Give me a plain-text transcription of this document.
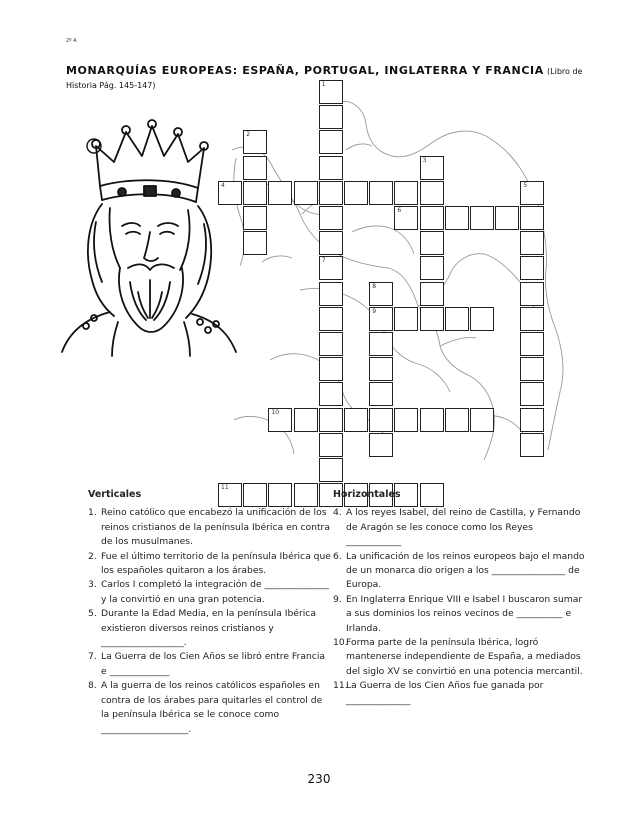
2º A
MONARQUÍAS EUROPEAS: ESPAÑA, PORTUGAL, INGLATERRA Y FRANCIA (Libro de
Historia Pág. 145-147)	1
7
2
3
4	5
6
8
9
10
11
Verticales
1. Reino católico que encabezó la unificación de los reinos cristianos de la península Ibérica en contra de los musulmanes.
2. Fue el último territorio de la península Ibérica que los españoles quitaron a los árabes.
3. Carlos I completó la integración de ______________ y la convirtió en una gran potencia.
5. Durante la Edad Media, en la península Ibérica existieron diversos reinos cristianos y __________________.
7. La Guerra de los Cien Años se libró entre Francia e _____________
8. A la guerra de los reinos católicos españoles en contra de los árabes para quitarles el control de la península Ibérica se le conoce como ___________________.
Horizontales
4. A los reyes Isabel, del reino de Castilla, y Fernando de Aragón se les conoce como los Reyes ____________
6. La unificación de los reinos europeos bajo el mando de un monarca dio origen a los ________________ de Europa.
9. En Inglaterra Enrique VIII e Isabel I buscaron sumar a sus dominios los reinos vecinos de __________ e Irlanda.
10.
Forma parte de la península Ibérica, logró mantenerse independiente de España, a mediados del siglo XV se convirtió en una potencia mercantil.
11.
La Guerra de los Cien Años fue ganada por ______________
230
